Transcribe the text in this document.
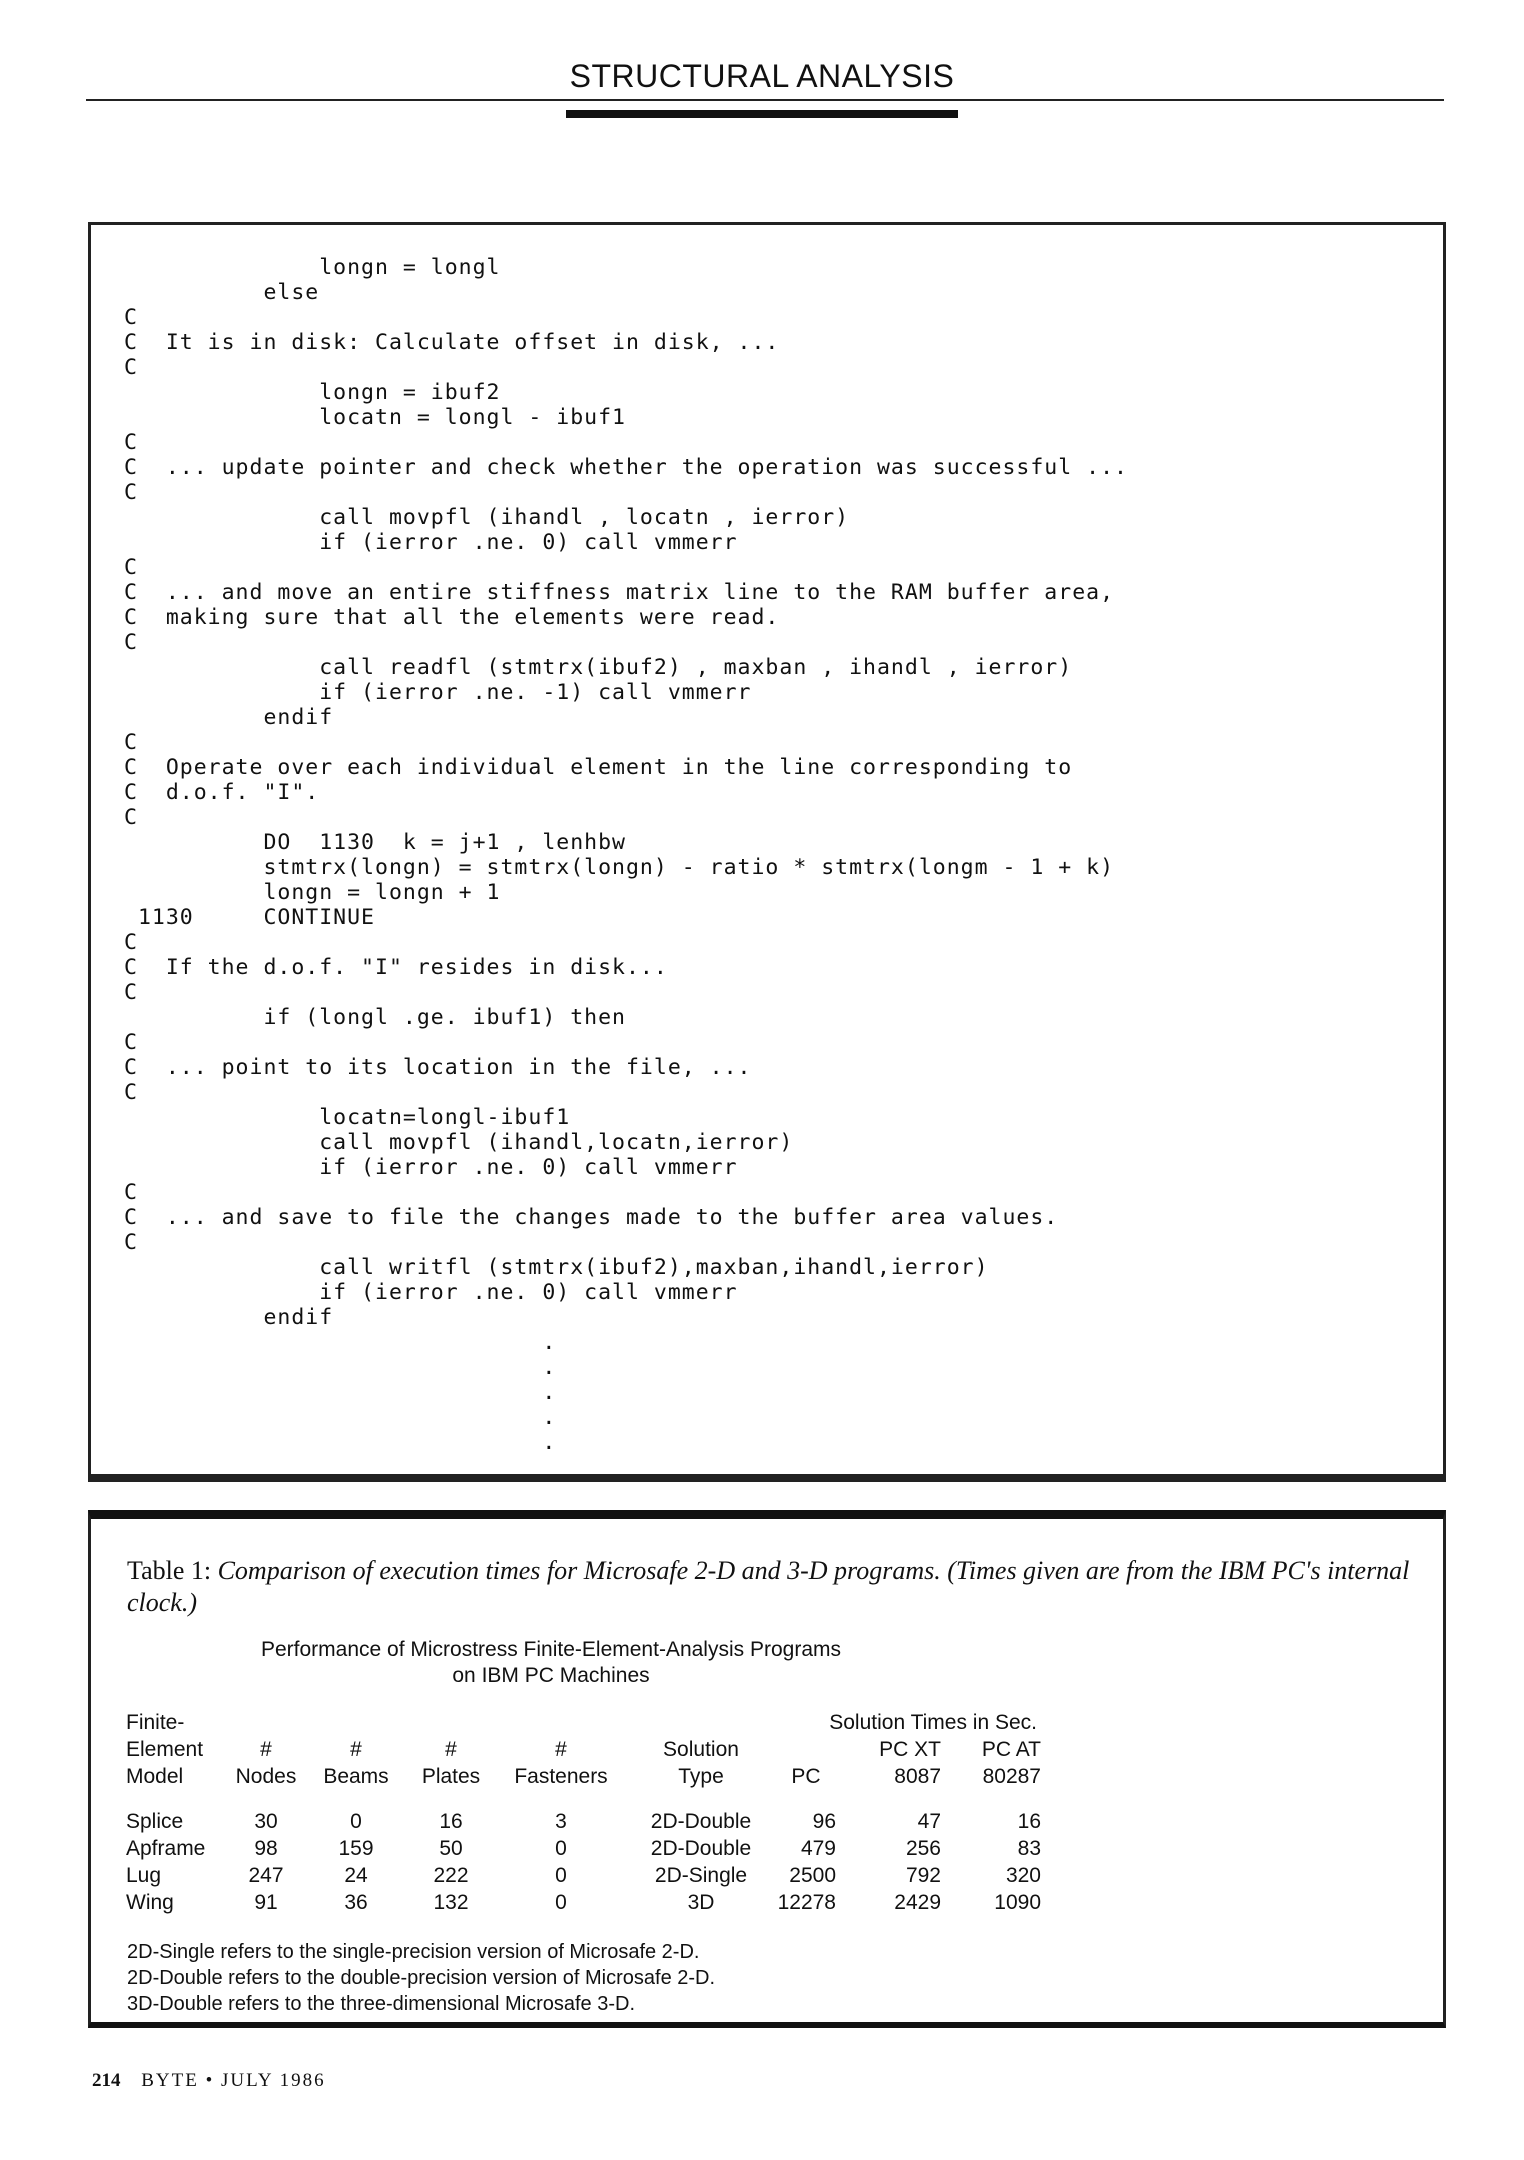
STRUCTURAL ANALYSIS
longn = longl
else
C
C  It is in disk: Calculate offset in disk, ...
C
longn = ibuf2
locatn = longl - ibuf1
C
C  ... update pointer and check whether the operation was successful ...
C
call movpfl (ihandl , locatn , ierror)
if (ierror .ne. 0) call vmmerr
C
C  ... and move an entire stiffness matrix line to the RAM buffer area,
C  making sure that all the elements were read.
C
call readfl (stmtrx(ibuf2) , maxban , ihandl , ierror)
if (ierror .ne. -1) call vmmerr
endif
C
C  Operate over each individual element in the line corresponding to
C  d.o.f. "I".
C
DO  1130  k = j+1 , lenhbw
stmtrx(longn) = stmtrx(longn) - ratio * stmtrx(longm - 1 + k)
longn = longn + 1
1130     CONTINUE
C
C  If the d.o.f. "I" resides in disk...
C
if (longl .ge. ibuf1) then
C
C  ... point to its location in the file, ...
C
locatn=longl-ibuf1
call movpfl (ihandl,locatn,ierror)
if (ierror .ne. 0) call vmmerr
C
C  ... and save to file the changes made to the buffer area values.
C
call writfl (stmtrx(ibuf2),maxban,ihandl,ierror)
if (ierror .ne. 0) call vmmerr
endif
.
.
.
.
.
Table 1: Comparison of execution times for Microsafe 2-D and 3-D programs. (Times given are from the IBM PC's internal clock.)
Performance of Microstress Finite-Element-Analysis Programs
on IBM PC Machines
Finite-						Solution Times in Sec.		
Element	#	#	#	#	Solution		PC XT	PC AT
Model	Nodes	Beams	Plates	Fasteners	Type	PC	8087	80287

Splice	30	0	16	3	2D-Double	96	47	16
Apframe	98	159	50	0	2D-Double	479	256	83
Lug	247	24	222	0	2D-Single	2500	792	320
Wing	91	36	132	0	3D	12278	2429	1090
2D-Single refers to the single-precision version of Microsafe 2-D.
2D-Double refers to the double-precision version of Microsafe 2-D.
3D-Double refers to the three-dimensional Microsafe 3-D.
214 BYTE • JULY 1986
